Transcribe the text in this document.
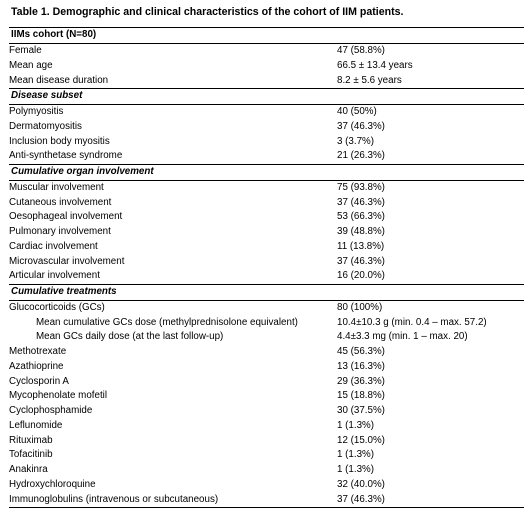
Table 1. Demographic and clinical characteristics of the cohort of IIM patients.
IIMs cohort (N=80)	
Female	47 (58.8%)
Mean age	66.5 ± 13.4 years
Mean disease duration	8.2 ± 5.6 years
Disease subset	
Polymyositis	40 (50%)
Dermatomyositis	37 (46.3%)
Inclusion body myositis	3 (3.7%)
Anti-synthetase syndrome	21 (26.3%)
Cumulative organ involvement	
Muscular involvement	75 (93.8%)
Cutaneous involvement	37 (46.3%)
Oesophageal involvement	53 (66.3%)
Pulmonary involvement	39 (48.8%)
Cardiac involvement	11 (13.8%)
Microvascular involvement	37 (46.3%)
Articular involvement	16 (20.0%)
Cumulative treatments	
Glucocorticoids (GCs)	80 (100%)
Mean cumulative GCs dose (methylprednisolone equivalent)	10.4±10.3 g (min. 0.4 – max. 57.2)
Mean GCs daily dose (at the last follow-up)	4.4±3.3 mg (min. 1 – max. 20)
Methotrexate	45 (56.3%)
Azathioprine	13 (16.3%)
Cyclosporin A	29 (36.3%)
Mycophenolate mofetil	15 (18.8%)
Cyclophosphamide	30 (37.5%)
Leflunomide	1 (1.3%)
Rituximab	12 (15.0%)
Tofacitinib	1 (1.3%)
Anakinra	1 (1.3%)
Hydroxychloroquine	32 (40.0%)
Immunoglobulins (intravenous or subcutaneous)	37 (46.3%)
